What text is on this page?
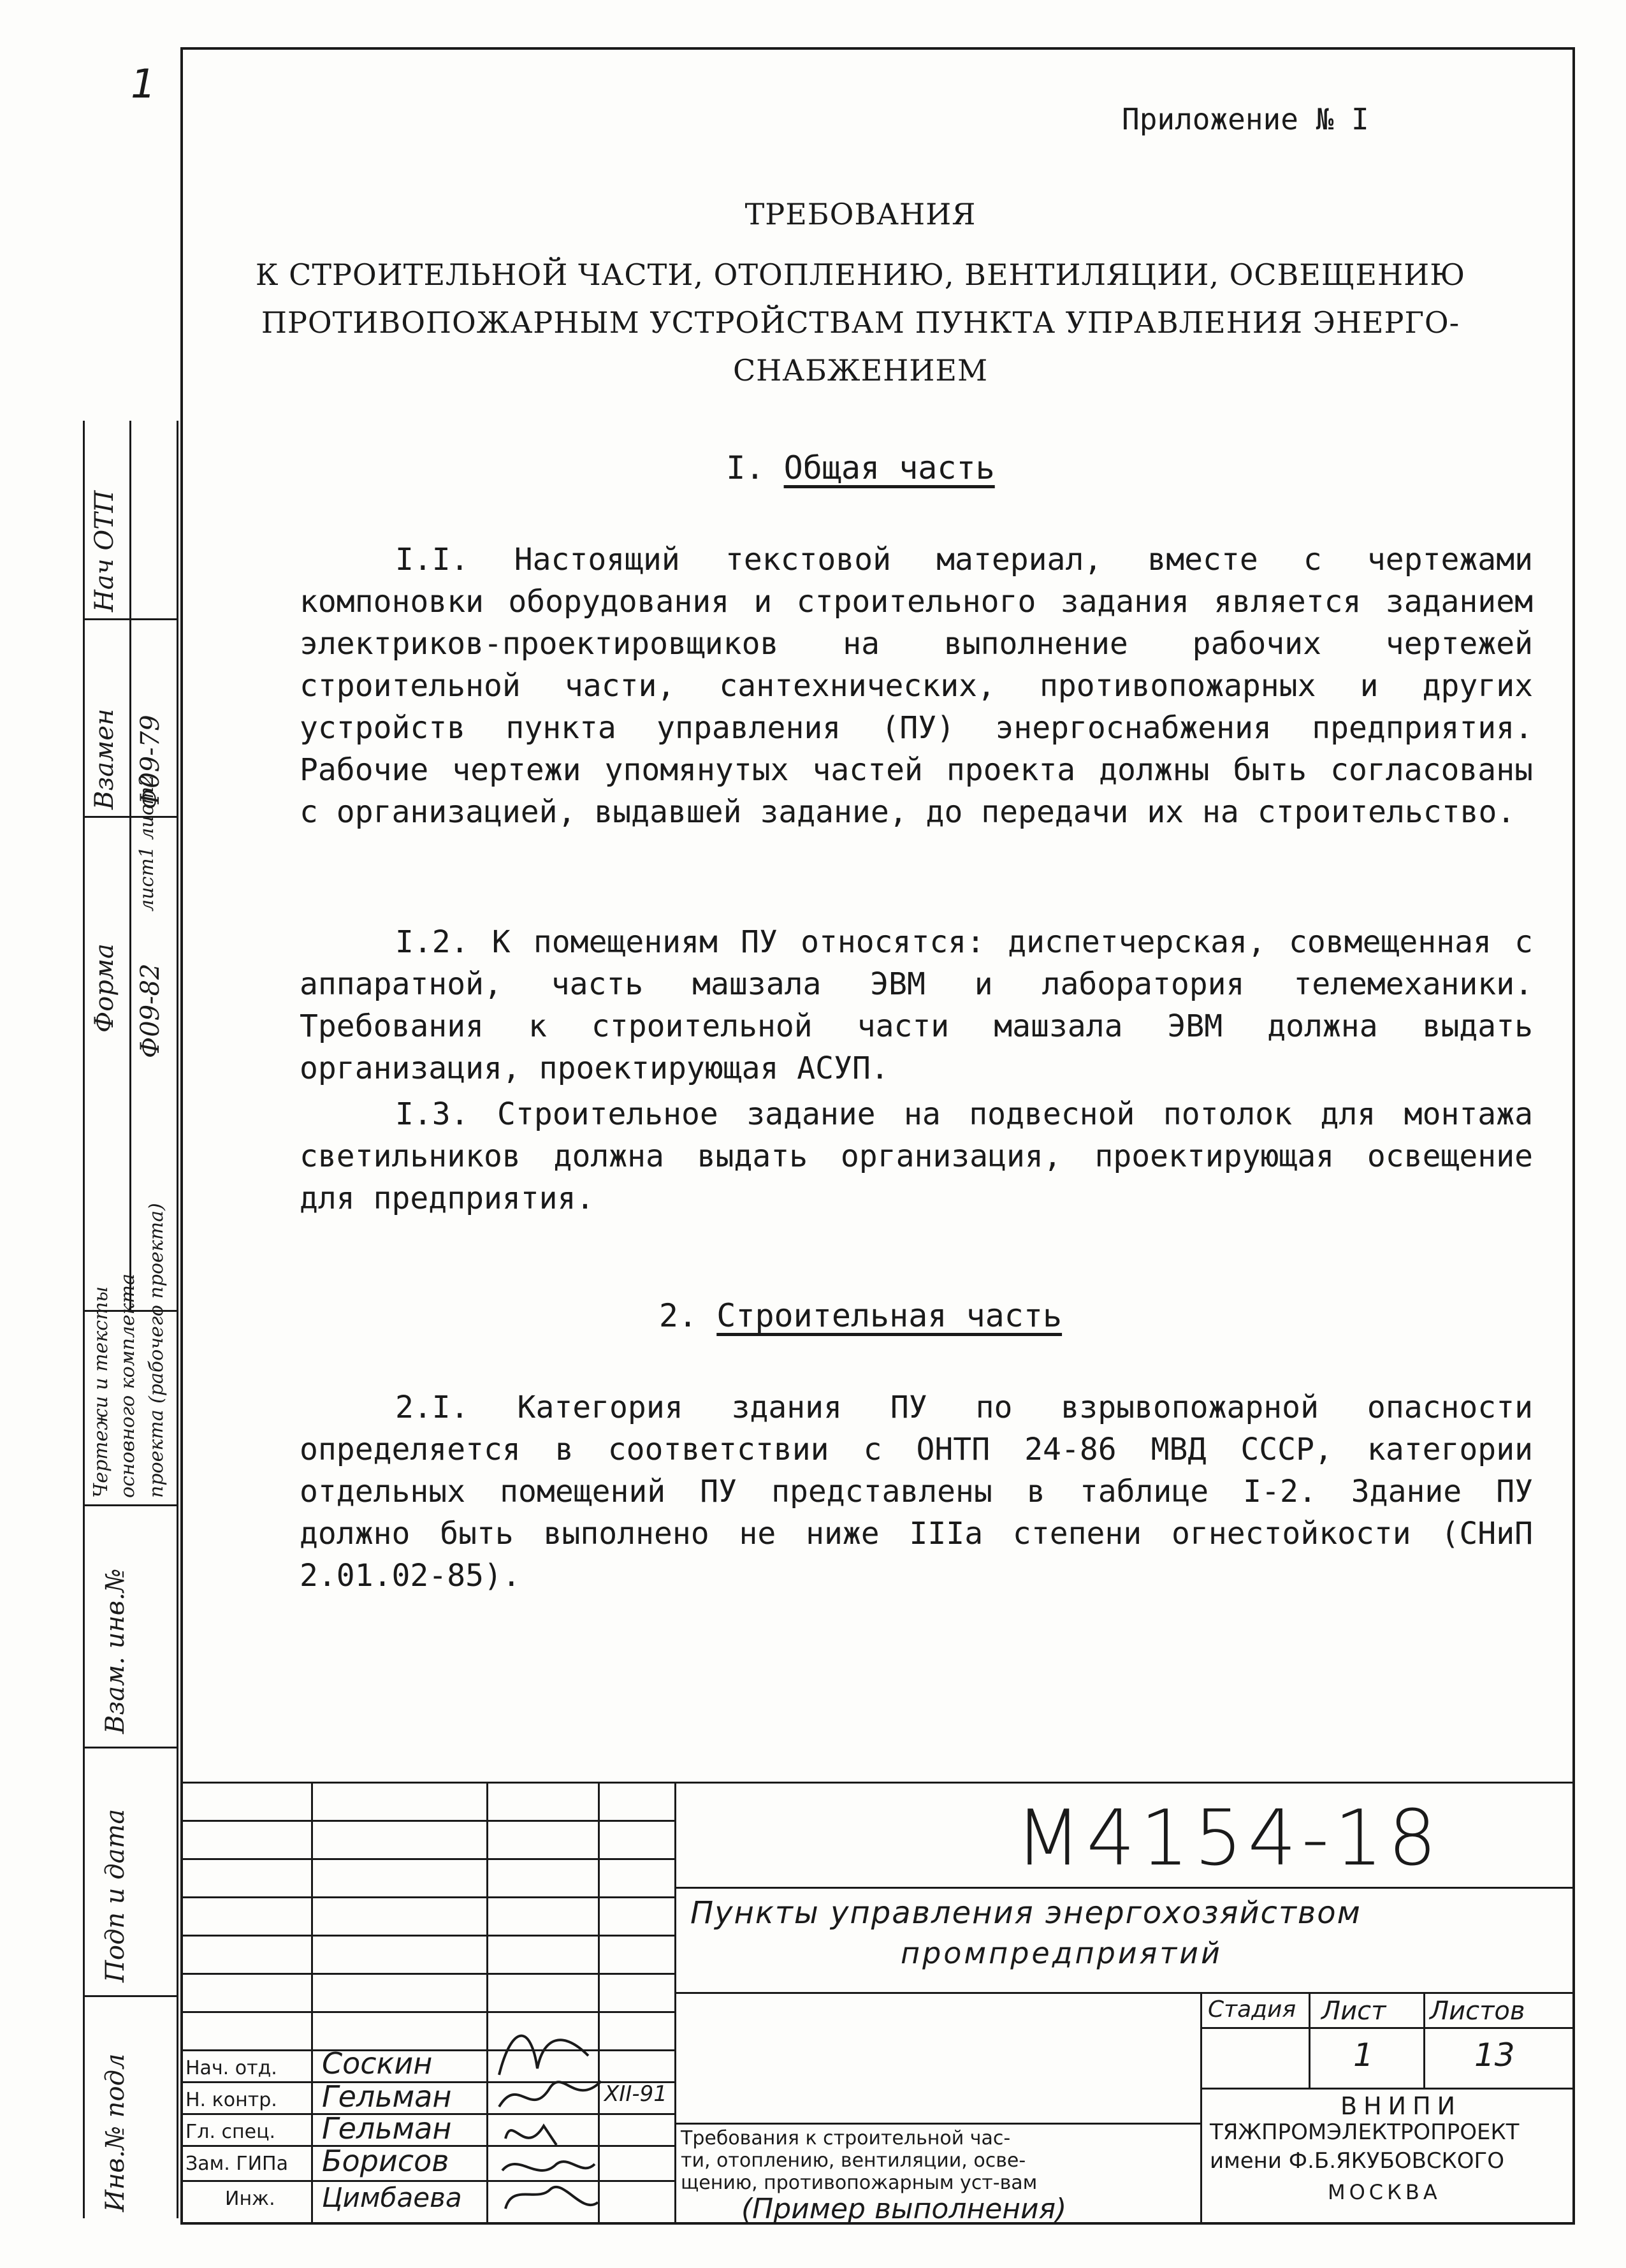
1
Приложение № I
ТРЕБОВАНИЯ
К СТРОИТЕЛЬНОЙ ЧАСТИ, ОТОПЛЕНИЮ, ВЕНТИЛЯЦИИ, ОСВЕЩЕНИЮ
ПРОТИВОПОЖАРНЫМ УСТРОЙСТВАМ ПУНКТА УПРАВЛЕНИЯ ЭНЕРГО-
СНАБЖЕНИЕМ
I. Общая часть
I.I. Настоящий текстовой материал, вместе с чертежами компоновки оборудования и строительного задания является заданием электриков-проектировщиков на выполнение рабочих чертежей строительной части, сантехнических, противопожарных и других устройств пункта управления (ПУ) энергоснабжения предприятия. Рабочие чертежи упомянутых частей проекта должны быть согласованы с организацией, выдавшей задание, до передачи их на строительство.
I.2. К помещениям ПУ относятся: диспетчерская, совмещенная с аппаратной, часть машзала ЭВМ и лаборатория телемеханики. Требования к строительной части машзала ЭВМ должна выдать организация, проектирующая АСУП.
I.3. Строительное задание на подвесной потолок для монтажа светильников должна выдать организация, проектирующая освещение для предприятия.
2. Строительная часть
2.I. Категория здания ПУ по взрывопожарной опасности определяется в соответствии с ОНТП 24-86 МВД СССР, категории отдельных помещений ПУ представлены в таблице I-2. Здание ПУ должно быть выполнено не ниже IIIа степени огнестойкости (СНиП 2.01.02-85).
Нач ОТП
Взамен Ф09-79
Форма Ф09-82
лист1 лист2
Чертежи и тексты основного комплекта проекта (рабочего проекта)
Взам. инв.№
Подп и дата
Инв.№ подл
М4154-18
Пункты управления энергохозяйством
промпредприятий
Стадия Лист Листов
1	13
Требования к строительной час-
ти, отоплению, вентиляции, осве-
щению, противопожарным уст-вам
(Пример выполнения)
ВНИПИ
ТЯЖПРОМЭЛЕКТРОПРОЕКТ
имени Ф.Б.ЯКУБОВСКОГО
МОСКВА
Нач. отд. Соскин
Н. контр. Гельман
Гл. спец. Гельман
Зам. ГИПа Борисов
Инж. Цимбаева
XII-91
